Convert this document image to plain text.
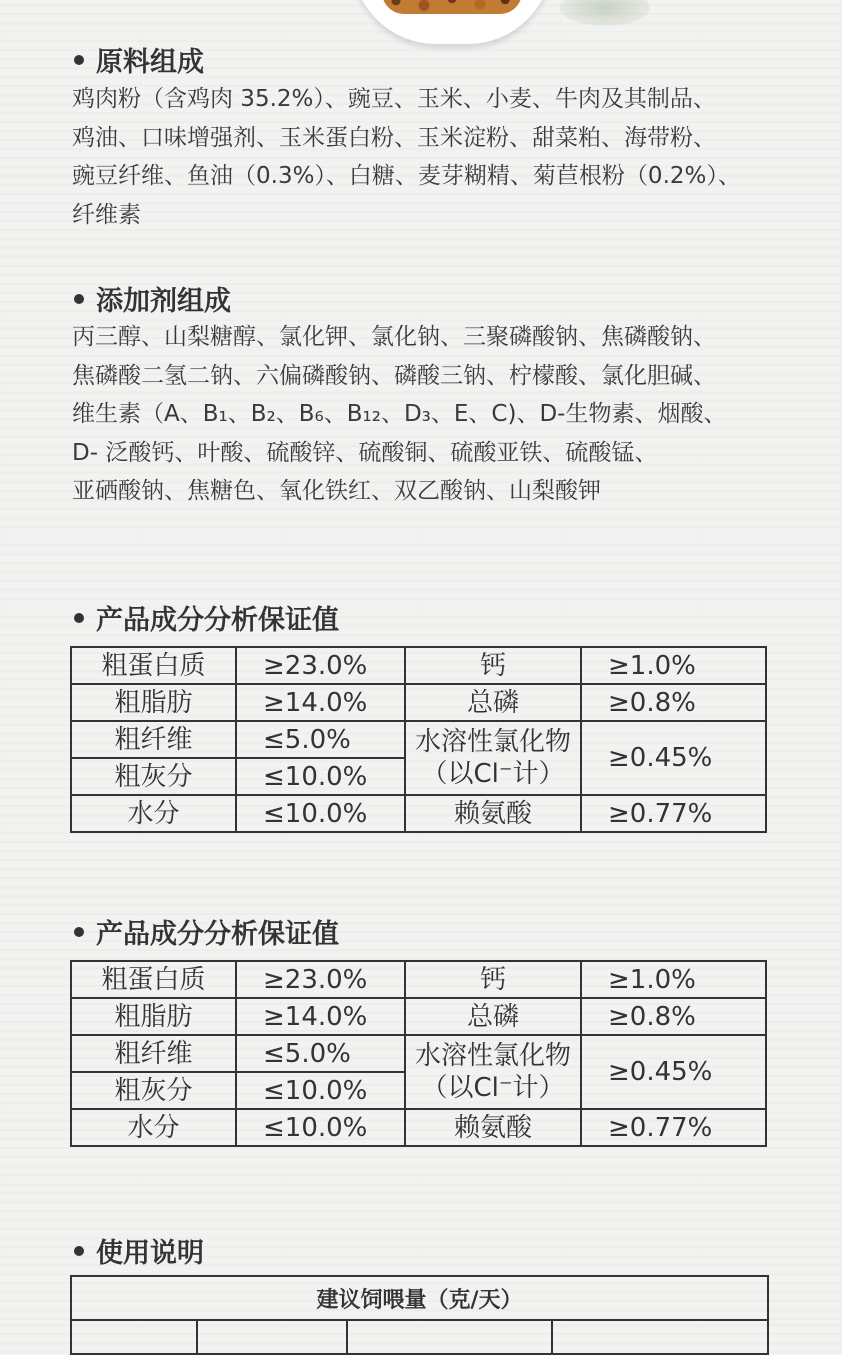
原料组成
鸡肉粉（含鸡肉 35.2%）、豌豆、玉米、小麦、牛肉及其制品、
鸡油、口味增强剂、玉米蛋白粉、玉米淀粉、甜菜粕、海带粉、
豌豆纤维、鱼油（0.3%）、白糖、麦芽糊精、菊苣根粉（0.2%）、
纤维素
添加剂组成
丙三醇、山梨糖醇、氯化钾、氯化钠、三聚磷酸钠、焦磷酸钠、
焦磷酸二氢二钠、六偏磷酸钠、磷酸三钠、柠檬酸、氯化胆碱、
维生素（A、B₁、B₂、B₆、B₁₂、D₃、E、C)、D-生物素、烟酸、
D- 泛酸钙、叶酸、硫酸锌、硫酸铜、硫酸亚铁、硫酸锰、
亚硒酸钠、焦糖色、氧化铁红、双乙酸钠、山梨酸钾
产品成分分析保证值
粗蛋白质	≥23.0%	钙	≥1.0%
粗脂肪	≥14.0%	总磷	≥0.8%
粗纤维	≤5.0%	水溶性氯化物
（以Cl⁻计）	≥0.45%
粗灰分	≤10.0%		
水分	≤10.0%	赖氨酸	≥0.77%
产品成分分析保证值
粗蛋白质	≥23.0%	钙	≥1.0%
粗脂肪	≥14.0%	总磷	≥0.8%
粗纤维	≤5.0%	水溶性氯化物
（以Cl⁻计）	≥0.45%
粗灰分	≤10.0%		
水分	≤10.0%	赖氨酸	≥0.77%
使用说明
建议饲喂量（克/天）
